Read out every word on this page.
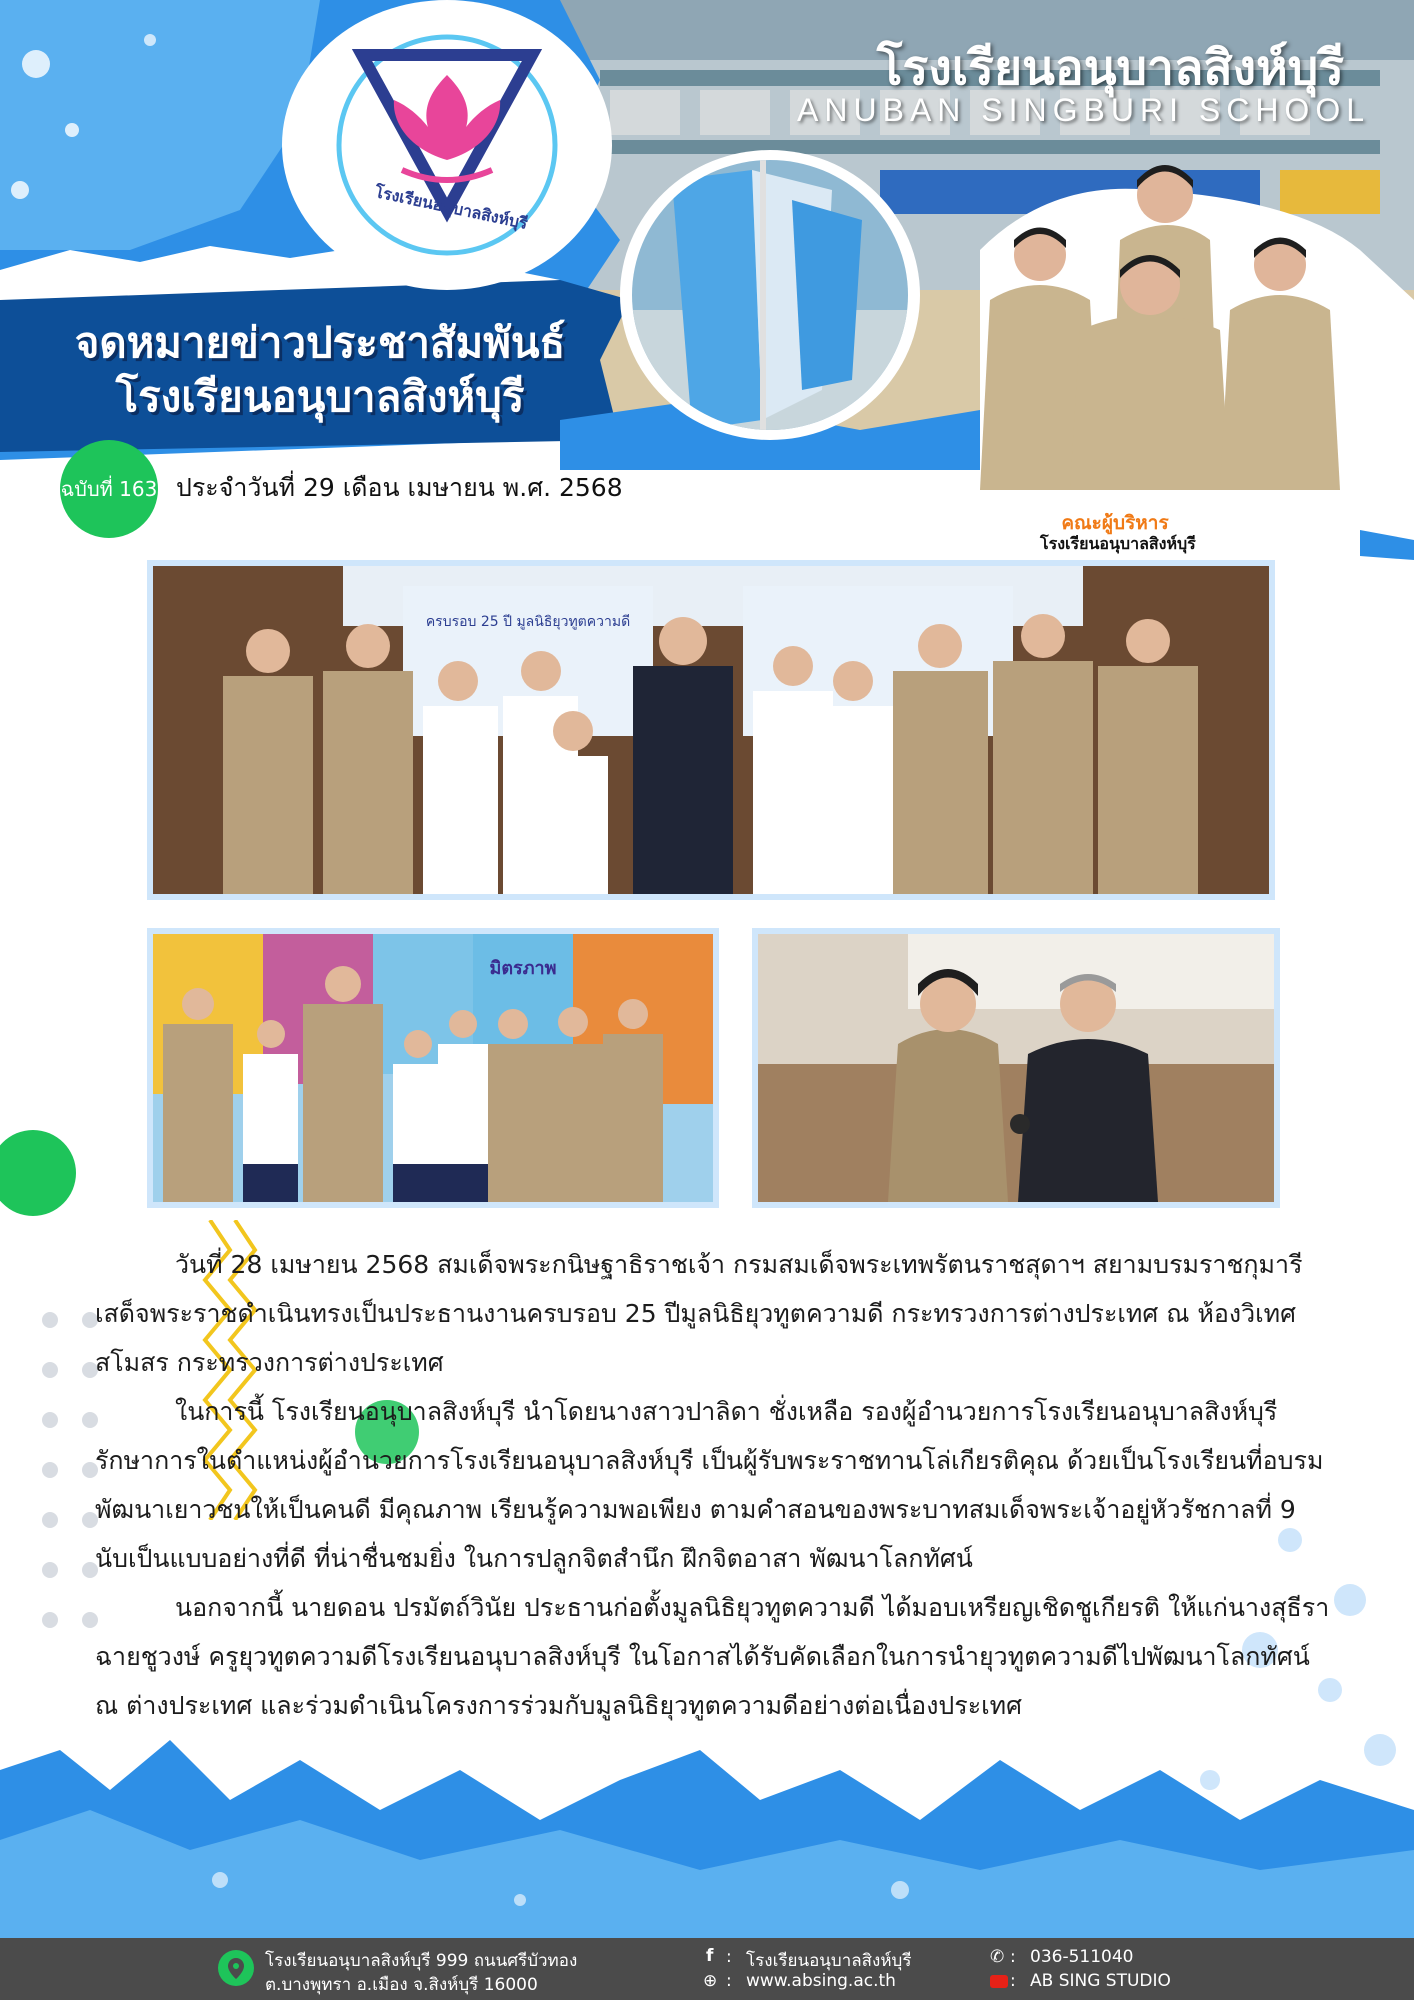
โรงเรียนอนุบาลสิงห์บุรี
โรงเรียนอนุบาลสิงห์บุรี
ANUBAN SINGBURI SCHOOL
จดหมายข่าวประชาสัมพันธ์
โรงเรียนอนุบาลสิงห์บุรี
ฉบับที่ 163 ประจำวันที่ 29 เดือน เมษายน พ.ศ. 2568
คณะผู้บริหาร
โรงเรียนอนุบาลสิงห์บุรี
ครบรอบ 25 ปี มูลนิธิยุวทูตความดี
มิตรภาพ

วันที่ 28 เมษายน 2568 สมเด็จพระกนิษฐาธิราชเจ้า กรมสมเด็จพระเทพรัตนราชสุดาฯ สยามบรมราชกุมารี เสด็จพระราชดำเนินทรงเป็นประธานงานครบรอบ 25 ปีมูลนิธิยุวทูตความดี กระทรวงการต่างประเทศ ณ ห้องวิเทศสโมสร กระทรวงการต่างประเทศ

ในการนี้ โรงเรียนอนุบาลสิงห์บุรี นำโดยนางสาวปาลิดา ชั่งเหลือ รองผู้อำนวยการโรงเรียนอนุบาลสิงห์บุรี รักษาการในตำแหน่งผู้อำนวยการโรงเรียนอนุบาลสิงห์บุรี เป็นผู้รับพระราชทานโล่เกียรติคุณ ด้วยเป็นโรงเรียนที่อบรมพัฒนาเยาวชนให้เป็นคนดี มีคุณภาพ เรียนรู้ความพอเพียง ตามคำสอนของพระบาทสมเด็จพระเจ้าอยู่หัวรัชกาลที่ 9 นับเป็นแบบอย่างที่ดี ที่น่าชื่นชมยิ่ง ในการปลูกจิตสำนึก ฝึกจิตอาสา พัฒนาโลกทัศน์

นอกจากนี้ นายดอน ปรมัตถ์วินัย ประธานก่อตั้งมูลนิธิยุวทูตความดี ได้มอบเหรียญเชิดชูเกียรติ ให้แก่นางสุธีรา ฉายชูวงษ์ ครูยุวทูตความดีโรงเรียนอนุบาลสิงห์บุรี ในโอกาสได้รับคัดเลือกในการนำยุวทูตความดีไปพัฒนาโลกทัศน์ ณ ต่างประเทศ และร่วมดำเนินโครงการร่วมกับมูลนิธิยุวทูตความดีอย่างต่อเนื่องประเทศ

โรงเรียนอนุบาลสิงห์บุรี 999 ถนนศรีบัวทอง
ต.บางพุทรา อ.เมือง จ.สิงห์บุรี 16000
f : โรงเรียนอนุบาลสิงห์บุรี
⊕ : www.absing.ac.th
✆ : 036-511040
: AB SING STUDIO
